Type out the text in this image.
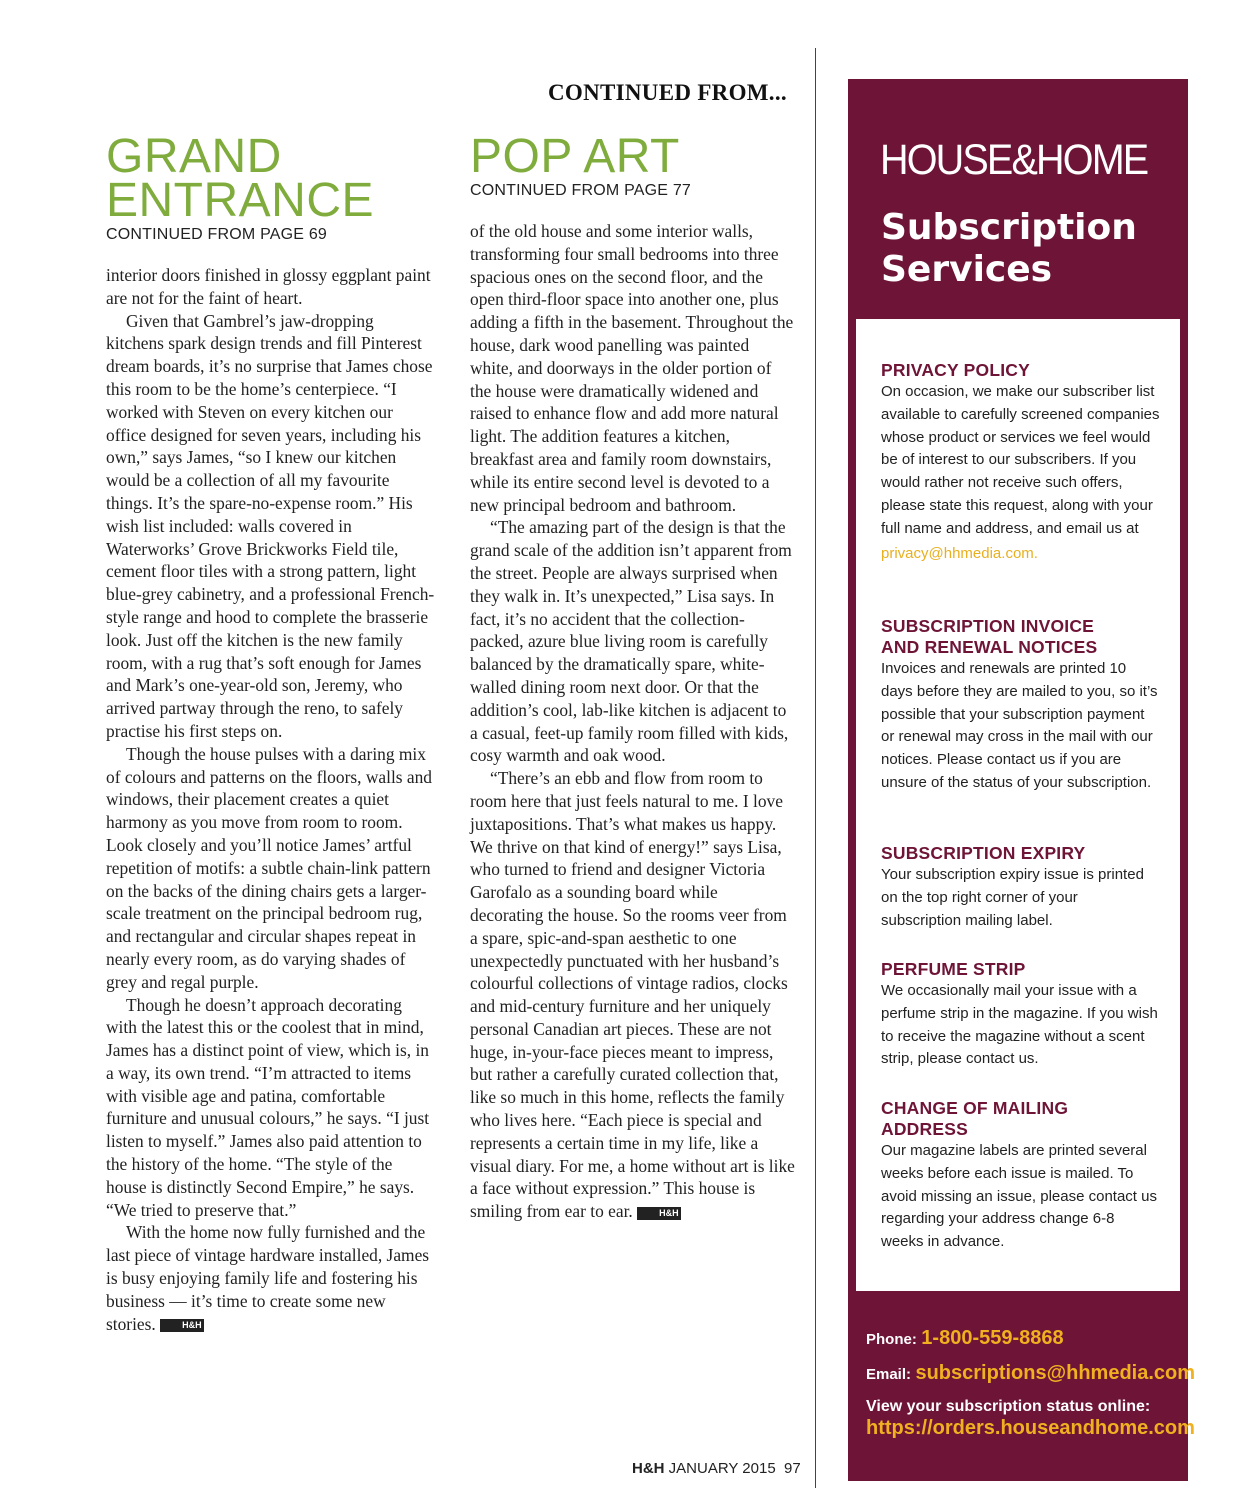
CONTINUED FROM...
GRAND
ENTRANCE
CONTINUED FROM PAGE 69

interior doors finished in glossy eggplant paint are not for the faint of heart.

Given that Gambrel’s jaw-dropping kitchens spark design trends and fill Pinterest dream boards, it’s no surprise that James chose this room to be the home’s centerpiece. “I worked with Steven on every kitchen our office designed for seven years, including his own,” says James, “so I knew our kitchen would be a collection of all my favourite things. It’s the spare-no-expense room.” His wish list included: walls covered in Waterworks’ Grove Brickworks Field tile, cement floor tiles with a strong pattern, light blue-grey cabinetry, and a professional French-style range and hood to complete the brasserie look. Just off the kitchen is the new family room, with a rug that’s soft enough for James and Mark’s one-year-old son, Jeremy, who arrived partway through the reno, to safely practise his first steps on.

Though the house pulses with a daring mix of colours and patterns on the floors, walls and windows, their placement creates a quiet harmony as you move from room to room. Look closely and you’ll notice James’ artful repetition of motifs: a subtle chain-link pattern on the backs of the dining chairs gets a larger-scale treatment on the principal bedroom rug, and rectangular and circular shapes repeat in nearly every room, as do varying shades of grey and regal purple.

Though he doesn’t approach decorating with the latest this or the coolest that in mind, James has a distinct point of view, which is, in a way, its own trend. “I’m attracted to items with visible age and patina, comfortable furniture and unusual colours,” he says. “I just listen to myself.” James also paid attention to the history of the home. “The style of the house is distinctly Second Empire,” he says. “We tried to preserve that.”

With the home now fully furnished and the last piece of vintage hardware installed, James is busy enjoying family life and fostering his business — it’s time to create some new stories.	H&H

POP ART
CONTINUED FROM PAGE 77

of the old house and some interior walls, transforming four small bedrooms into three spacious ones on the second floor, and the open third-floor space into another one, plus adding a fifth in the basement. Throughout the house, dark wood panelling was painted white, and doorways in the older portion of the house were dramatically widened and raised to enhance flow and add more natural light. The addition features a kitchen, breakfast area and family room downstairs, while its entire second level is devoted to a new principal bedroom and bathroom.

“The amazing part of the design is that the grand scale of the addition isn’t apparent from the street. People are always surprised when they walk in. It’s unexpected,” Lisa says. In fact, it’s no accident that the collection-packed, azure blue living room is carefully balanced by the dramatically spare, white-walled dining room next door. Or that the addition’s cool, lab-like kitchen is adjacent to a casual, feet-up family room filled with kids, cosy warmth and oak wood.

“There’s an ebb and flow from room to room here that just feels natural to me. I love juxtapositions. That’s what makes us happy. We thrive on that kind of energy!” says Lisa, who turned to friend and designer Victoria Garofalo as a sounding board while decorating the house. So the rooms veer from a spare, spic-and-span aesthetic to one unexpectedly punctuated with her husband’s colourful collections of vintage radios, clocks and mid-century furniture and her uniquely personal Canadian art pieces. These are not huge, in-your-face pieces meant to impress, but rather a carefully curated collection that, like so much in this home, reflects the family who lives here. “Each piece is special and represents a certain time in my life, like a visual diary. For me, a home without art is like a face without expression.” This house is smiling from ear to ear.	H&H

HOUSE&HOME
Subscription
Services
PRIVACY POLICY
On occasion, we make our subscriber list available to carefully screened companies whose product or services we feel would be of interest to our subscribers. If you would rather not receive such offers, please state this request, along with your full name and address, and email us at
privacy@hhmedia.com.
SUBSCRIPTION INVOICE AND RENEWAL NOTICES
Invoices and renewals are printed 10 days before they are mailed to you, so it’s possible that your subscription payment or renewal may cross in the mail with our notices. Please contact us if you are unsure of the status of your subscription.
SUBSCRIPTION EXPIRY
Your subscription expiry issue is printed on the top right corner of your subscription mailing label.
PERFUME STRIP
We occasionally mail your issue with a perfume strip in the magazine. If you wish to receive the magazine without a scent strip, please contact us.
CHANGE OF MAILING ADDRESS
Our magazine labels are printed several weeks before each issue is mailed. To avoid missing an issue, please contact us regarding your address change 6-8 weeks in advance.
Phone: 1-800-559-8868
Email: subscriptions@hhmedia.com
View your subscription status online:
https://orders.houseandhome.com
H&H JANUARY 2015 97
